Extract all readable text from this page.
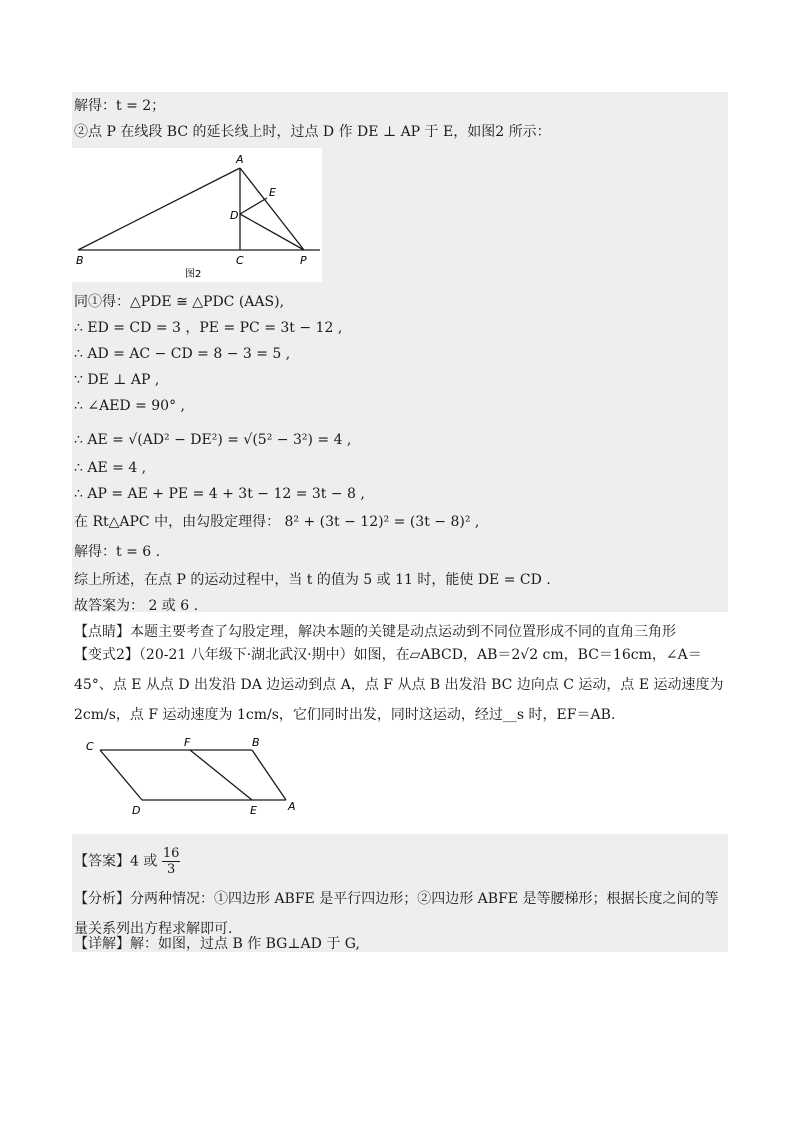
解得：t = 2；
②点 P 在线段 BC 的延长线上时，过点 D 作 DE ⊥ AP 于 E，如图2 所示：
A
E
D
B	C	P
图2
同①得：△PDE ≅ △PDC (AAS),
∴ ED = CD = 3 ，PE = PC = 3t − 12 ,
∴ AD = AC − CD = 8 − 3 = 5 ,
∵ DE ⊥ AP ,
∴ ∠AED = 90° ,
∴ AE = √(AD² − DE²) = √(5² − 3²) = 4 ,
∴ AE = 4 ,
∴ AP = AE + PE = 4 + 3t − 12 = 3t − 8 ,
在 Rt△APC 中，由勾股定理得： 8² + (3t − 12)² = (3t − 8)² ,
解得：t = 6 .
综上所述，在点 P 的运动过程中，当 t 的值为 5 或 11 时，能使 DE = CD .
故答案为： 2 或 6 .
【点睛】本题主要考查了勾股定理，解决本题的关键是动点运动到不同位置形成不同的直角三角形
【变式2】（20-21 八年级下·湖北武汉·期中）如图，在▱ABCD，AB＝2√2 cm，BC＝16cm，∠A＝45°、点 E 从点 D 出发沿 DA 边运动到点 A，点 F 从点 B 出发沿 BC 边向点 C 运动，点 E 运动速度为 2cm/s，点 F 运动速度为 1cm/s，它们同时出发，同时这运动，经过__s 时，EF＝AB.
C	F	B
D	E	A
【答案】4 或 $\frac{16}{3}$
【分析】分两种情况：①四边形 ABFE 是平行四边形；②四边形 ABFE 是等腰梯形；根据长度之间的等量关系列出方程求解即可.
【详解】解：如图，过点 B 作 BG⊥AD 于 G,
